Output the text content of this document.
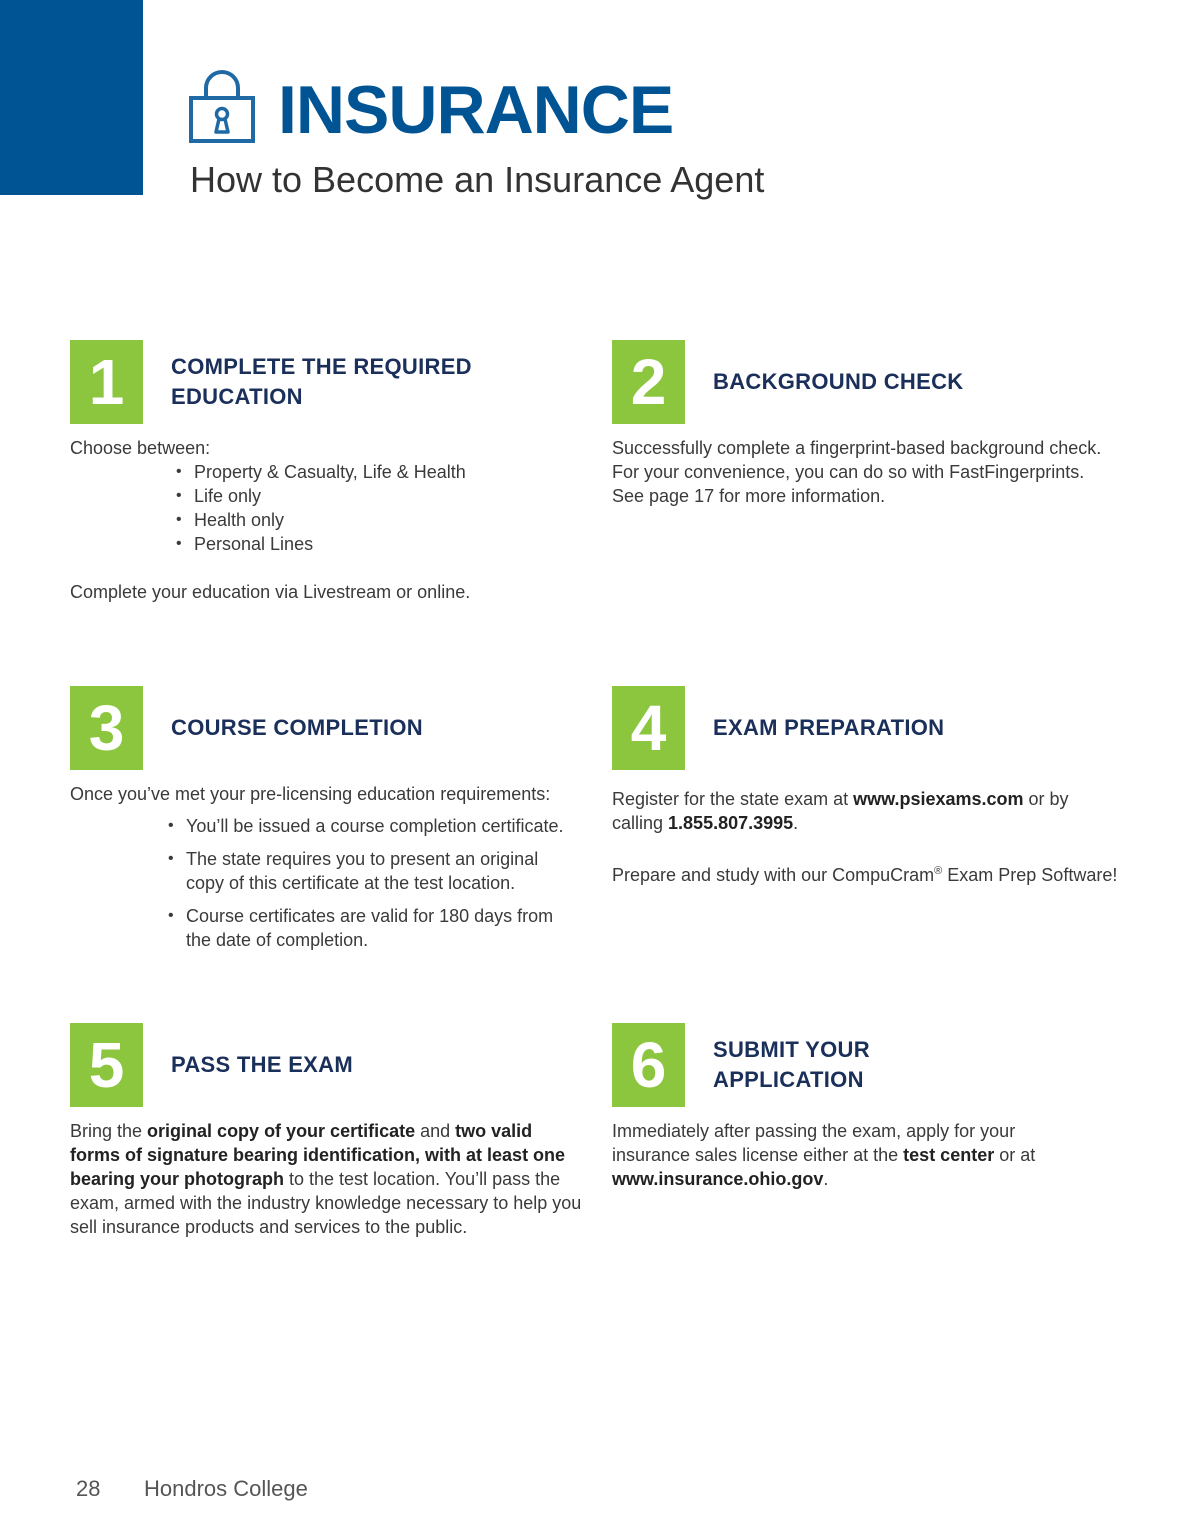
INSURANCE
How to Become an Insurance Agent
1	COMPLETE THE REQUIRED
EDUCATION

Choose between:

• Property & Casualty, Life & Health
• Life only
• Health only
• Personal Lines

Complete your education via Livestream or online.

2	BACKGROUND CHECK

Successfully complete a fingerprint-based background check.

For your convenience, you can do so with FastFingerprints.

See page 17 for more information.

3	COURSE COMPLETION

Once you’ve met your pre-licensing education requirements:

• You’ll be issued a course completion certificate.
• The state requires you to present an original copy of this certificate at the test location.
• Course certificates are valid for 180 days from the date of completion.
4	EXAM PREPARATION

Register for the state exam at www.psiexams.com or by calling 1.855.807.3995.

Prepare and study with our CompuCram® Exam Prep Software!

5	PASS THE EXAM

Bring the original copy of your certificate and two valid forms of signature bearing identification, with at least one bearing your photograph to the test location. You’ll pass the exam, armed with the industry knowledge necessary to help you sell insurance products and services to the public.

6	SUBMIT YOUR
APPLICATION

Immediately after passing the exam, apply for your insurance sales license either at the test center or at www.insurance.ohio.gov.

28 Hondros College
